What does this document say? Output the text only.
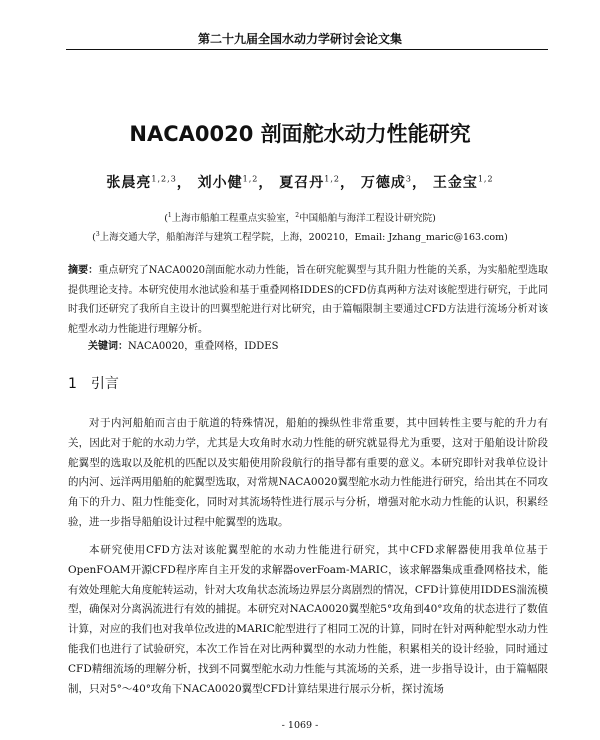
第二十九届全国水动力学研讨会论文集
NACA0020 剖面舵水动力性能研究
张晨亮$^{1,2,3}$， 刘小健$^{1,2}$， 夏召丹$^{1,2}$， 万德成$^3$， 王金宝$^{1,2}$
($^1$上海市船舶工程重点实验室，$^2$中国船舶与海洋工程设计研究院)
($^3$上海交通大学，船舶海洋与建筑工程学院，上海，200210，Email: Jzhang_maric@163.com)

摘要：重点研究了NACA0020剖面舵水动力性能，旨在研究舵翼型与其升阻力性能的关系，为实船舵型选取提供理论支持。本研究使用水池试验和基于重叠网格IDDES的CFD仿真两种方法对该舵型进行研究，于此同时我们还研究了我所自主设计的凹翼型舵进行对比研究，由于篇幅限制主要通过CFD方法进行流场分析对该舵型水动力性能进行理解分析。

关键词：NACA0020，重叠网格，IDDES

1 引言

对于内河船舶而言由于航道的特殊情况，船舶的操纵性非常重要，其中回转性主要与舵的升力有关，因此对于舵的水动力学，尤其是大攻角时水动力性能的研究就显得尤为重要，这对于船舶设计阶段舵翼型的选取以及舵机的匹配以及实船使用阶段航行的指导都有重要的意义。本研究即针对我单位设计的内河、远洋两用船舶的舵翼型选取，对常规NACA0020翼型舵水动力性能进行研究，给出其在不同攻角下的升力、阻力性能变化，同时对其流场特性进行展示与分析，增强对舵水动力性能的认识，积累经验，进一步指导船舶设计过程中舵翼型的选取。

本研究使用CFD方法对该舵翼型舵的水动力性能进行研究，其中CFD求解器使用我单位基于OpenFOAM开源CFD程序库自主开发的求解器overFoam-MARIC，该求解器集成重叠网格技术，能有效处理舵大角度舵转运动，针对大攻角状态流场边界层分离剧烈的情况，CFD计算使用IDDES湍流模型，确保对分离涡流进行有效的捕捉。本研究对NACA0020翼型舵5°攻角到40°攻角的状态进行了数值计算，对应的我们也对我单位改进的MARIC舵型进行了相同工况的计算，同时在针对两种舵型水动力性能我们也进行了试验研究，本次工作旨在对比两种翼型的水动力性能，积累相关的设计经验，同时通过CFD精细流场的理解分析，找到不同翼型舵水动力性能与其流场的关系，进一步指导设计，由于篇幅限制，只对5°～40°攻角下NACA0020翼型CFD计算结果进行展示分析，探讨流场

- 1069 -
